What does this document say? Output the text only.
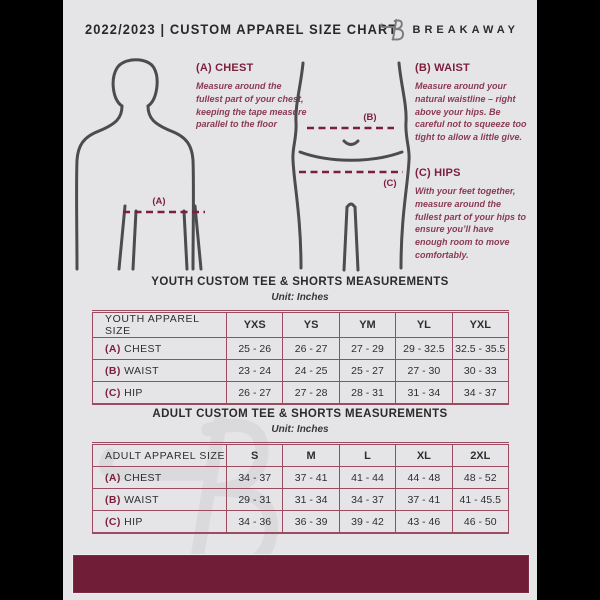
2022/2023 | CUSTOM APPAREL SIZE CHART BREAKAWAY
(A)
(A) CHEST

Measure around the fullest part of your chest, keeping the tape measure parallel to the floor

(B)
(C)
(B) WAIST

Measure around your natural waistline – right above your hips. Be careful not to squeeze too tight to allow a little give.

(C) HIPS

With your feet together, measure around the fullest part of your hips to ensure you’ll have enough room to move comfortably.

YOUTH CUSTOM TEE & SHORTS MEASUREMENTS
Unit: Inches
YOUTH APPAREL SIZE	YXS	YS	YM	YL	YXL
(A) CHEST	25 - 26	26 - 27	27 - 29	29 - 32.5	32.5 - 35.5
(B) WAIST	23 - 24	24 - 25	25 - 27	27 - 30	30 - 33
(C) HIP	26 - 27	27 - 28	28 - 31	31 - 34	34 - 37
ADULT CUSTOM TEE & SHORTS MEASUREMENTS
Unit: Inches
ADULT APPAREL SIZE	S	M	L	XL	2XL
(A) CHEST	34 - 37	37 - 41	41 - 44	44 - 48	48 - 52
(B) WAIST	29 - 31	31 - 34	34 - 37	37 - 41	41 - 45.5
(C) HIP	34 - 36	36 - 39	39 - 42	43 - 46	46 - 50
